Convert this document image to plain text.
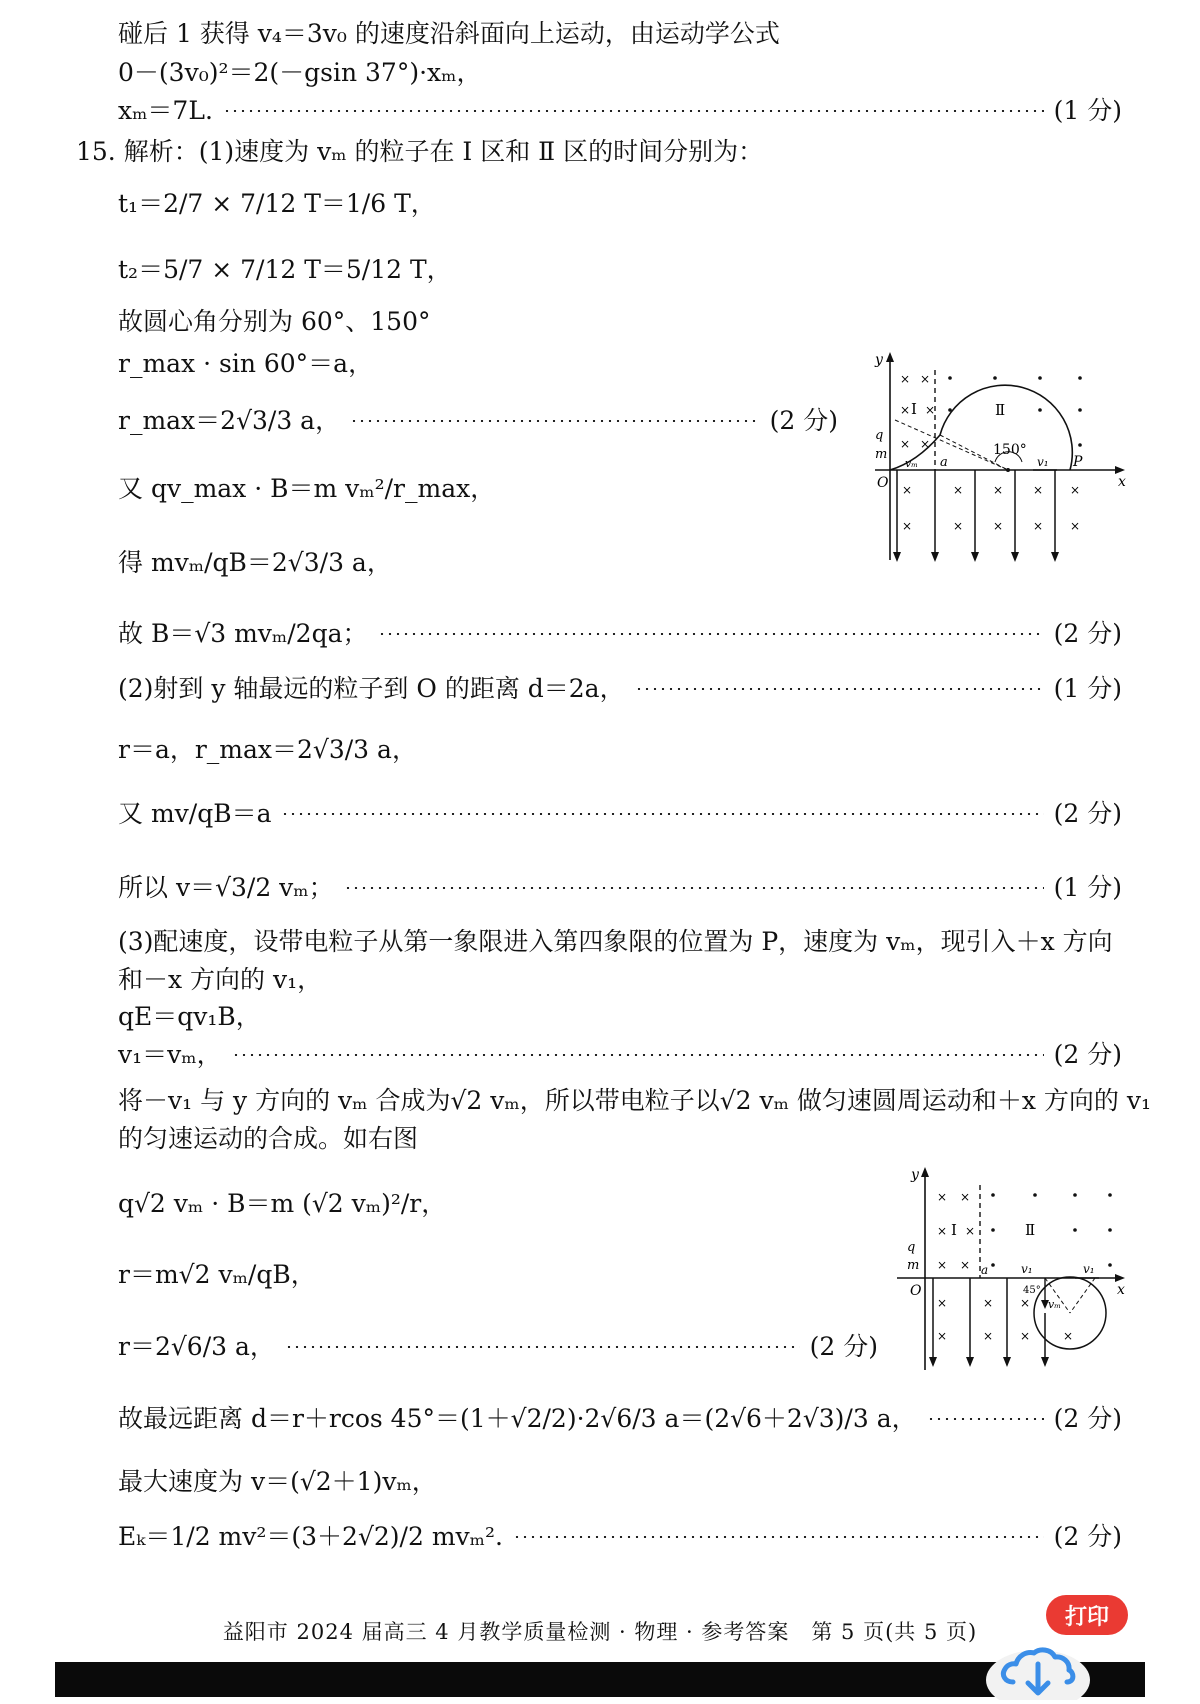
碰后 1 获得 v₄＝3v₀ 的速度沿斜面向上运动，由运动学公式
0－(3v₀)²＝2(－gsin 37°)·xₘ，
xₘ＝7L.	(1 分)
15. 解析：(1)速度为 vₘ 的粒子在 Ⅰ 区和 Ⅱ 区的时间分别为：
t₁＝2/7 × 7/12 T＝1/6 T，
t₂＝5/7 × 7/12 T＝5/12 T，
故圆心角分别为 60°、150°
r_max · sin 60°＝a，
r_max＝2√3/3 a，	(2 分)
又 qv_max · B＝m vₘ²/r_max，
得 mvₘ/qB＝2√3/3 a，
故 B＝√3 mvₘ/2qa；	(2 分)
(2)射到 y 轴最远的粒子到 O 的距离 d＝2a，	(1 分)
r＝a，r_max＝2√3/3 a，
又 mv/qB＝a	(2 分)
所以 v＝√3/2 vₘ；	(1 分)
(3)配速度，设带电粒子从第一象限进入第四象限的位置为 P，速度为 vₘ，现引入＋x 方向
和－x 方向的 v₁，
qE＝qv₁B，
v₁＝vₘ，	(2 分)
将－v₁ 与 y 方向的 vₘ 合成为√2 vₘ，所以带电粒子以√2 vₘ 做匀速圆周运动和＋x 方向的 v₁
的匀速运动的合成。如右图
q√2 vₘ · B＝m (√2 vₘ)²/r，
r＝m√2 vₘ/qB，
r＝2√6/3 a，	(2 分)
故最远距离 d＝r＋rcos 45°＝(1＋√2/2)·2√6/3 a＝(2√6＋2√3)/3 a，	(2 分)
最大速度为 v＝(√2＋1)vₘ，
Eₖ＝1/2 mv²＝(3＋2√2)/2 mvₘ².	(2 分)
y
x
O
q
m
× ×
×
× ×
Ⅰ ×	Ⅱ
150°
vₘ a	P
v₁
×	× × × ×
×	× × × ×
y
x
O
q
m
× ×
× Ⅰ ×
× ×
Ⅱ
a	v₁	v₁
vₘ
45°
×	× ×
×	× ×	×
益阳市 2024 届高三 4 月教学质量检测 · 物理 · 参考答案　第 5 页(共 5 页)
打印
